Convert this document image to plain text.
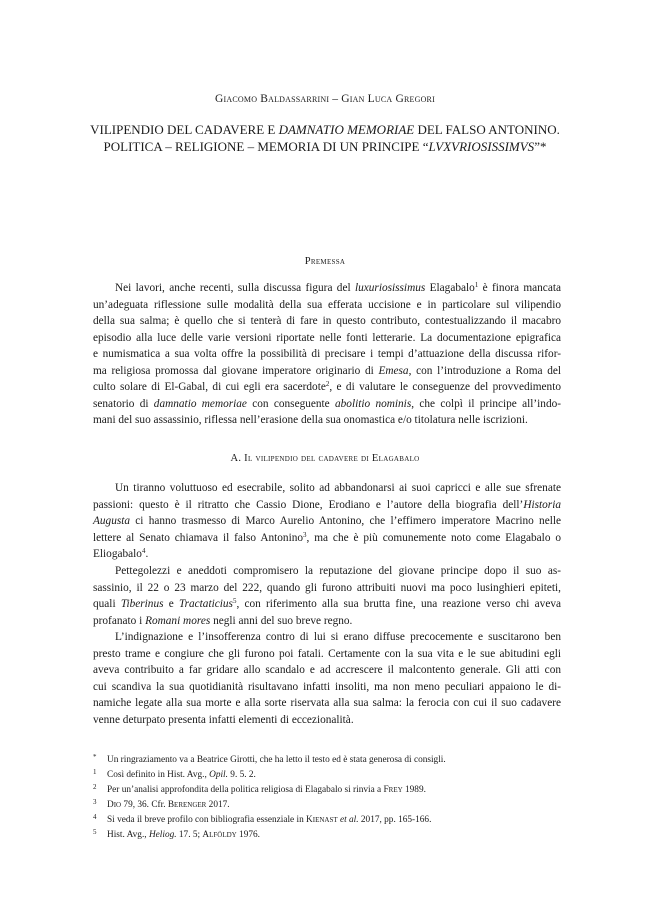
Giacomo Baldassarrini – Gian Luca Gregori
VILIPENDIO DEL CADAVERE E DAMNATIO MEMORIAE DEL FALSO ANTONINO.
POLITICA – RELIGIONE – MEMORIA DI UN PRINCIPE “LVXVRIOSISSIMVS”*
Premessa
Nei lavori, anche recenti, sulla discussa figura del luxuriosissimus Elagabalo$^1$ è finora mancata
un’adeguata riflessione sulle modalità della sua efferata uccisione e in particolare sul vilipendio
della sua salma; è quello che si tenterà di fare in questo contributo, contestualizzando il macabro
episodio alla luce delle varie versioni riportate nelle fonti letterarie. La documentazione epigrafica
e numismatica a sua volta offre la possibilità di precisare i tempi d’attuazione della discussa rifor-
ma religiosa promossa dal giovane imperatore originario di Emesa, con l’introduzione a Roma del
culto solare di El-Gabal, di cui egli era sacerdote$^2$, e di valutare le conseguenze del provvedimento
senatorio di damnatio memoriae con conseguente abolitio nominis, che colpì il principe all’indo-
mani del suo assassinio, riflessa nell’erasione della sua onomastica e/o titolatura nelle iscrizioni.
A. Il vilipendio del cadavere di Elagabalo
Un tiranno voluttuoso ed esecrabile, solito ad abbandonarsi ai suoi capricci e alle sue sfrenate
passioni: questo è il ritratto che Cassio Dione, Erodiano e l’autore della biografia dell’Historia
Augusta ci hanno trasmesso di Marco Aurelio Antonino, che l’effimero imperatore Macrino nelle
lettere al Senato chiamava il falso Antonino$^3$, ma che è più comunemente noto come Elagabalo o
Eliogabalo$^4$.
Pettegolezzi e aneddoti compromisero la reputazione del giovane principe dopo il suo as-
sassinio, il 22 o 23 marzo del 222, quando gli furono attribuiti nuovi ma poco lusinghieri epiteti,
quali Tiberinus e Tractaticius$^5$, con riferimento alla sua brutta fine, una reazione verso chi aveva
profanato i Romani mores negli anni del suo breve regno.
L’indignazione e l’insofferenza contro di lui si erano diffuse precocemente e suscitarono ben
presto trame e congiure che gli furono poi fatali. Certamente con la sua vita e le sue abitudini egli
aveva contribuito a far gridare allo scandalo e ad accrescere il malcontento generale. Gli atti con
cui scandiva la sua quotidianità risultavano infatti insoliti, ma non meno peculiari appaiono le di-
namiche legate alla sua morte e alla sorte riservata alla sua salma: la ferocia con cui il suo cadavere
venne deturpato presenta infatti elementi di eccezionalità.
* Un ringraziamento va a Beatrice Girotti, che ha letto il testo ed è stata generosa di consigli.
1 Così definito in Hist. Avg., Opil. 9. 5. 2.
2 Per un’analisi approfondita della politica religiosa di Elagabalo si rinvia a Frey 1989.
3 Dio 79, 36. Cfr. Berenger 2017.
4 Si veda il breve profilo con bibliografia essenziale in Kienast et al. 2017, pp. 165-166.
5 Hist. Avg., Heliog. 17. 5; Alföldy 1976.
